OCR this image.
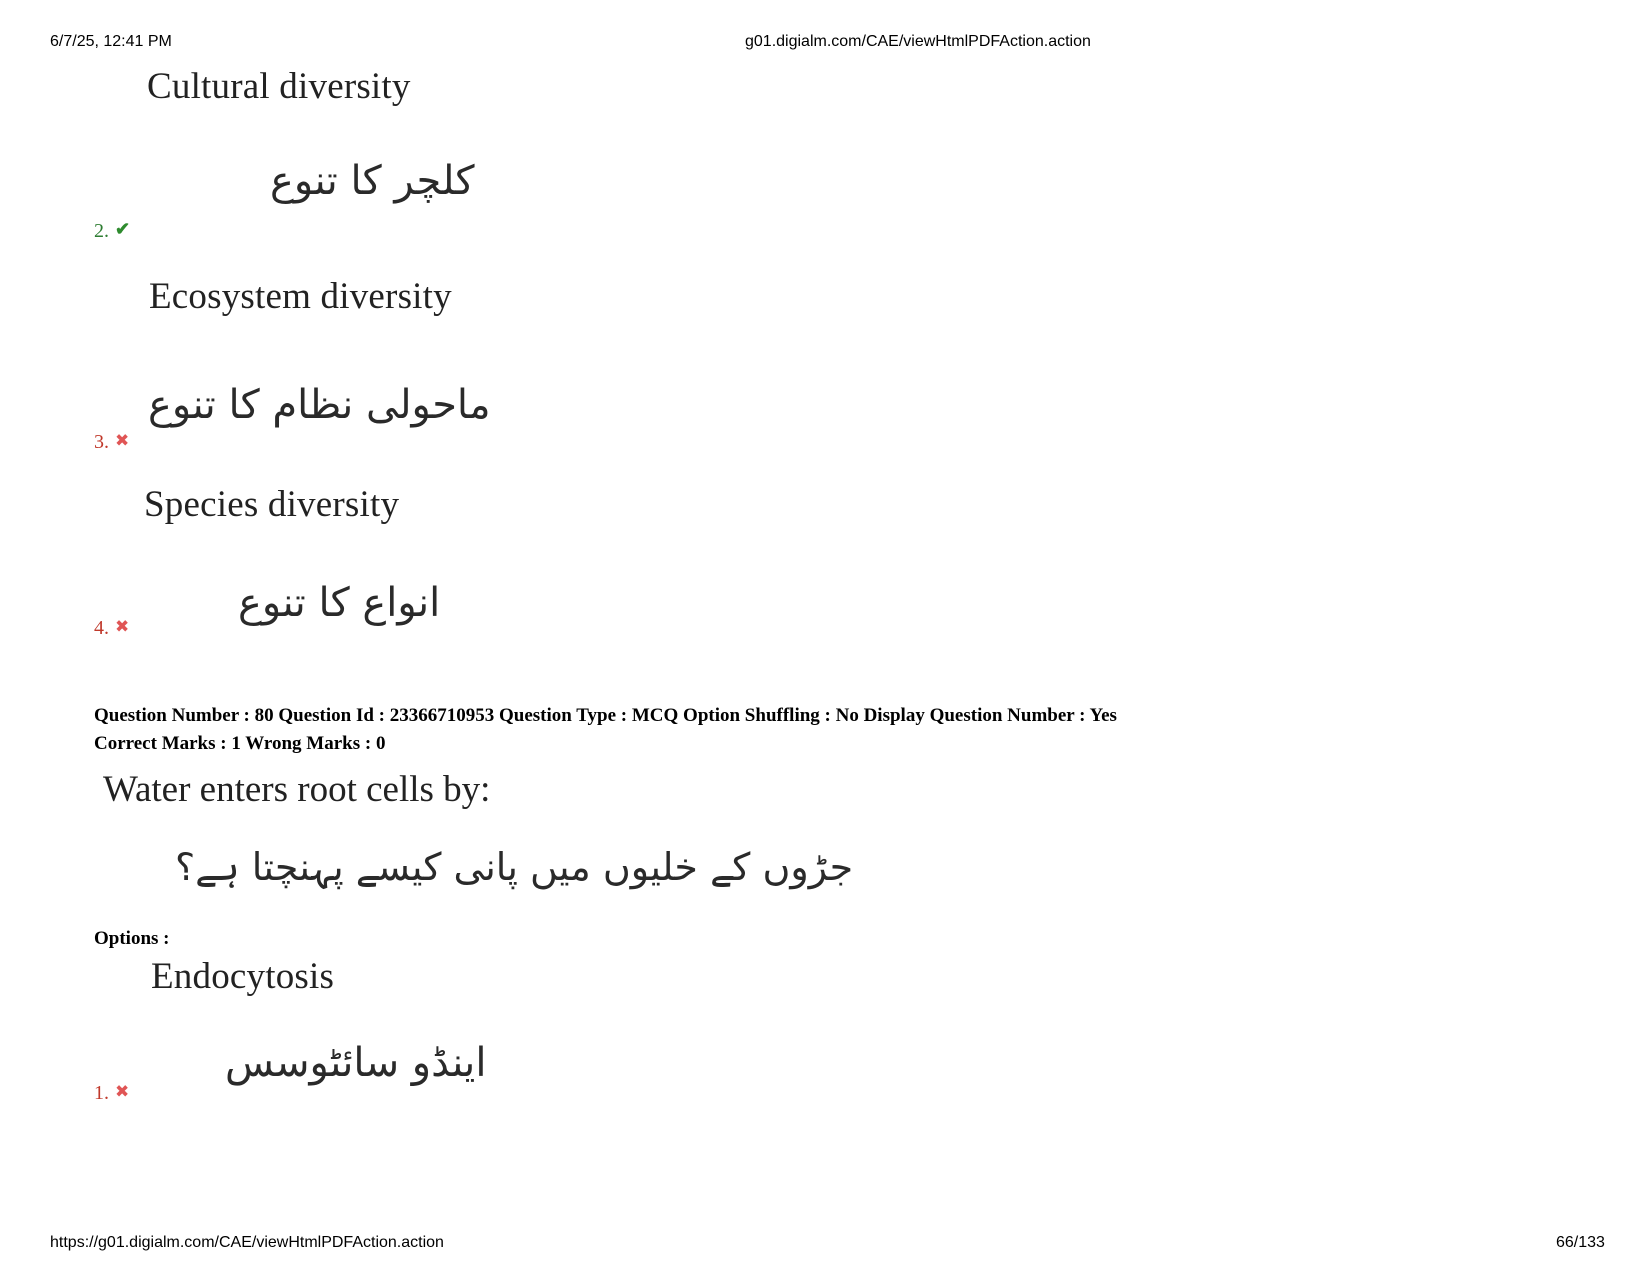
6/7/25, 12:41 PM	g01.digialm.com/CAE/viewHtmlPDFAction.action
Cultural diversity
کلچر کا تنوع
2. ✔
Ecosystem diversity
ماحولی نظام کا تنوع
3. ✖
Species diversity
انواع کا تنوع
4. ✖
Question Number : 80 Question Id : 23366710953 Question Type : MCQ Option Shuffling : No Display Question Number : Yes
Correct Marks : 1 Wrong Marks : 0
Water enters root cells by:
جڑوں کے خلیوں میں پانی کیسے پہنچتا ہے؟
Options :
Endocytosis
اینڈو سائٹوسس
1. ✖
https://g01.digialm.com/CAE/viewHtmlPDFAction.action	66/133
